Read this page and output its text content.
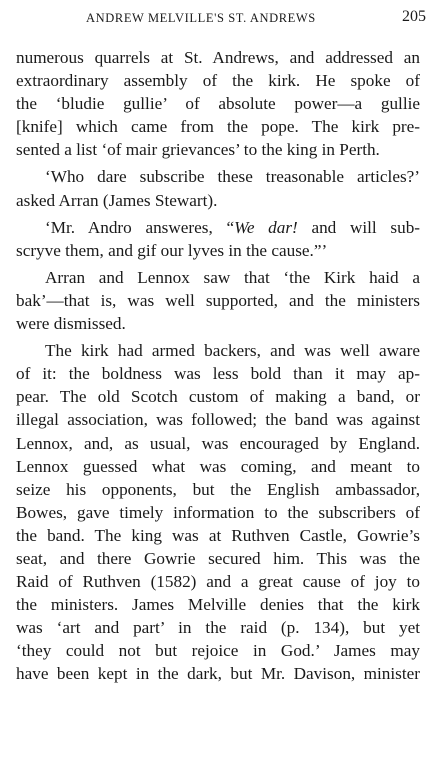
ANDREW MELVILLE'S ST. ANDREWS	205

numerous quarrels at St. Andrews, and addressed an
extraordinary assembly of the kirk. He spoke of
the ‘bludie gullie’ of absolute power—a gullie
[knife] which came from the pope. The kirk pre-
sented a list ‘of mair grievances’ to the king in Perth.

‘Who dare subscribe these treasonable articles?’
asked Arran (James Stewart).

‘Mr. Andro answeres, “We dar! and will sub-
scryve them, and gif our lyves in the cause.”’

Arran and Lennox saw that ‘the Kirk haid a
bak’—that is, was well supported, and the ministers
were dismissed.

The kirk had armed backers, and was well aware
of it: the boldness was less bold than it may ap-
pear. The old Scotch custom of making a band, or
illegal association, was followed; the band was against
Lennox, and, as usual, was encouraged by England.
Lennox guessed what was coming, and meant to
seize his opponents, but the English ambassador,
Bowes, gave timely information to the subscribers of
the band. The king was at Ruthven Castle, Gowrie’s
seat, and there Gowrie secured him. This was the
Raid of Ruthven (1582) and a great cause of joy to
the ministers. James Melville denies that the kirk
was ‘art and part’ in the raid (p. 134), but yet
‘they could not but rejoice in God.’ James may
have been kept in the dark, but Mr. Davison, minister
